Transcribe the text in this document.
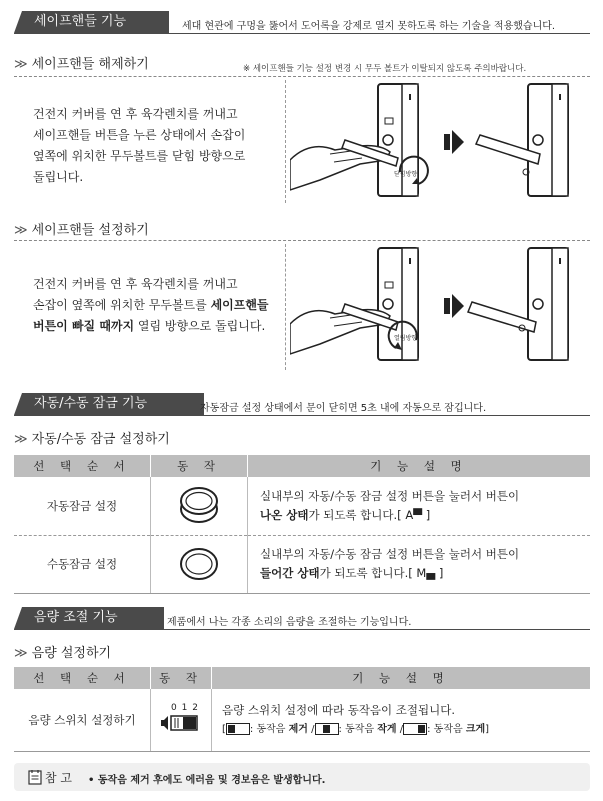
세이프핸들 기능	세대 현관에 구멍을 뚫어서 도어록을 강제로 열지 못하도록 하는 기술을 적용했습니다.
≫ 세이프핸들 해제하기	※ 세이프핸들 기능 설정 변경 시 무두 볼트가 이탈되지 않도록 주의바랍니다.
건전지 커버를 연 후 육각렌치를 꺼내고
세이프핸들 버튼을 누른 상태에서 손잡이
옆쪽에 위치한 무두볼트를 닫힘 방향으로
돌립니다.	닫힘방향
≫ 세이프핸들 설정하기
건전지 커버를 연 후 육각렌치를 꺼내고
손잡이 옆쪽에 위치한 무두볼트를 세이프핸들
버튼이 빠질 때까지 열림 방향으로 돌립니다.
열림방향
자동/수동 잠금 기능	자동잠금 설정 상태에서 문이 닫히면 5초 내에 자동으로 잠깁니다.
≫ 자동/수동 잠금 설정하기
선 택 순 서	동 작	기 능 설 명
자동잠금 설정		실내부의 자동/수동 잠금 설정 버튼을 눌러서 버튼이
나온 상태가 되도록 합니다.[ A▀ ]

수동잠금 설정		실내부의 자동/수동 잠금 설정 버튼을 눌러서 버튼이
들어간 상태가 되도록 합니다.[ M▄ ]
음량 조절 기능	제품에서 나는 각종 소리의 음량을 조절하는 기능입니다.
≫ 음량 설정하기
선 택 순 서	동 작	기 능 설 명
음량 스위치 설정하기	0 1 2	음량 스위치 설정에 따라 동작음이 조절됩니다.
[ : 동작음 제거 / : 동작음 작게 / : 동작음 크게]
참 고 • 동작음 제거 후에도 에러음 및 경보음은 발생합니다.
